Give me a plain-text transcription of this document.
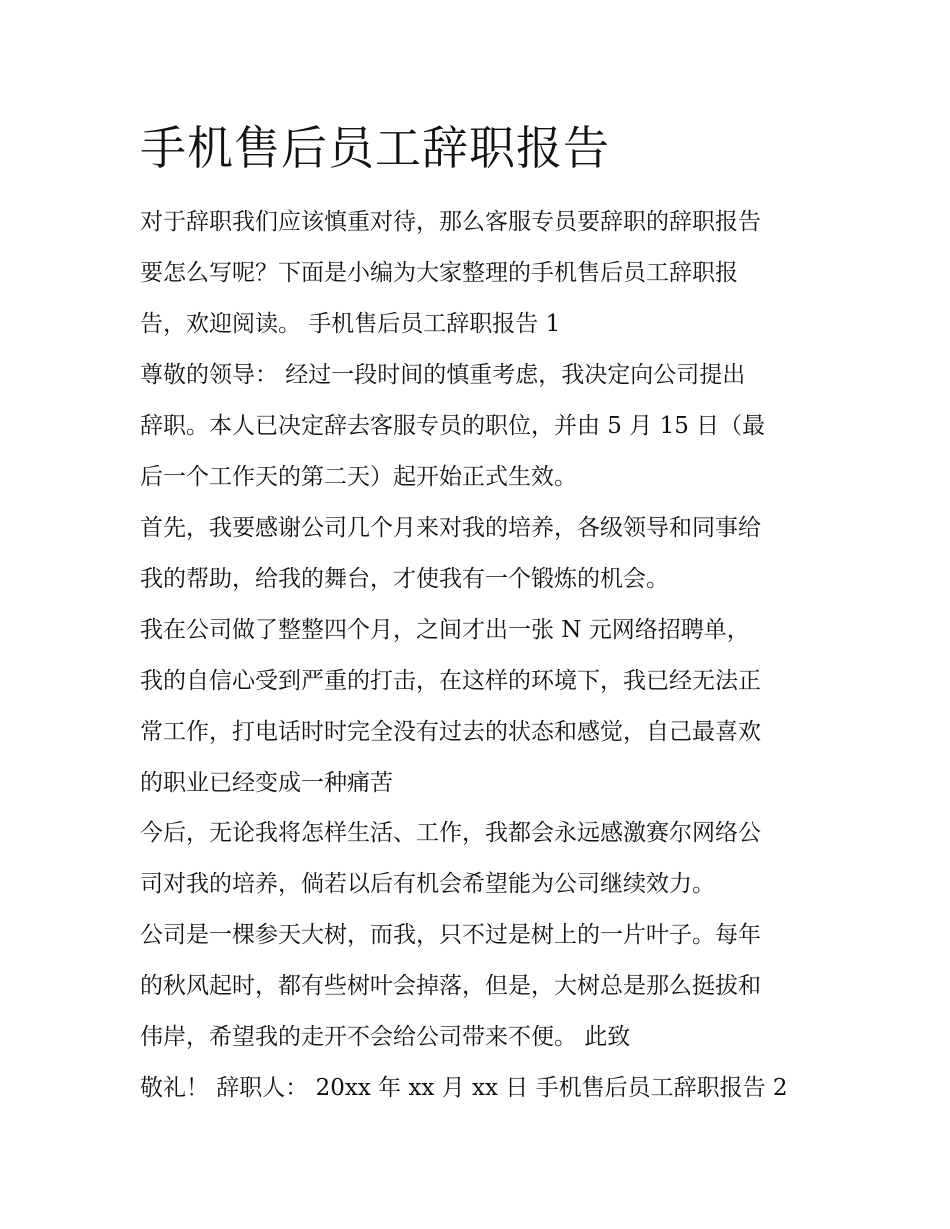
手机售后员工辞职报告

对于辞职我们应该慎重对待，那么客服专员要辞职的辞职报告

要怎么写呢？下面是小编为大家整理的手机售后员工辞职报

告，欢迎阅读。 手机售后员工辞职报告 1

尊敬的领导： 经过一段时间的慎重考虑，我决定向公司提出

辞职。本人已决定辞去客服专员的职位，并由 5 月 15 日（最

后一个工作天的第二天）起开始正式生效。

首先，我要感谢公司几个月来对我的培养，各级领导和同事给

我的帮助，给我的舞台，才使我有一个锻炼的机会。

我在公司做了整整四个月，之间才出一张 N 元网络招聘单，

我的自信心受到严重的打击，在这样的环境下，我已经无法正

常工作，打电话时时完全没有过去的状态和感觉，自己最喜欢

的职业已经变成一种痛苦

今后，无论我将怎样生活、工作，我都会永远感激赛尔网络公

司对我的培养，倘若以后有机会希望能为公司继续效力。

公司是一棵参天大树，而我，只不过是树上的一片叶子。每年

的秋风起时，都有些树叶会掉落，但是，大树总是那么挺拔和

伟岸，希望我的走开不会给公司带来不便。 此致

敬礼！ 辞职人： 20xx 年 xx 月 xx 日 手机售后员工辞职报告 2
